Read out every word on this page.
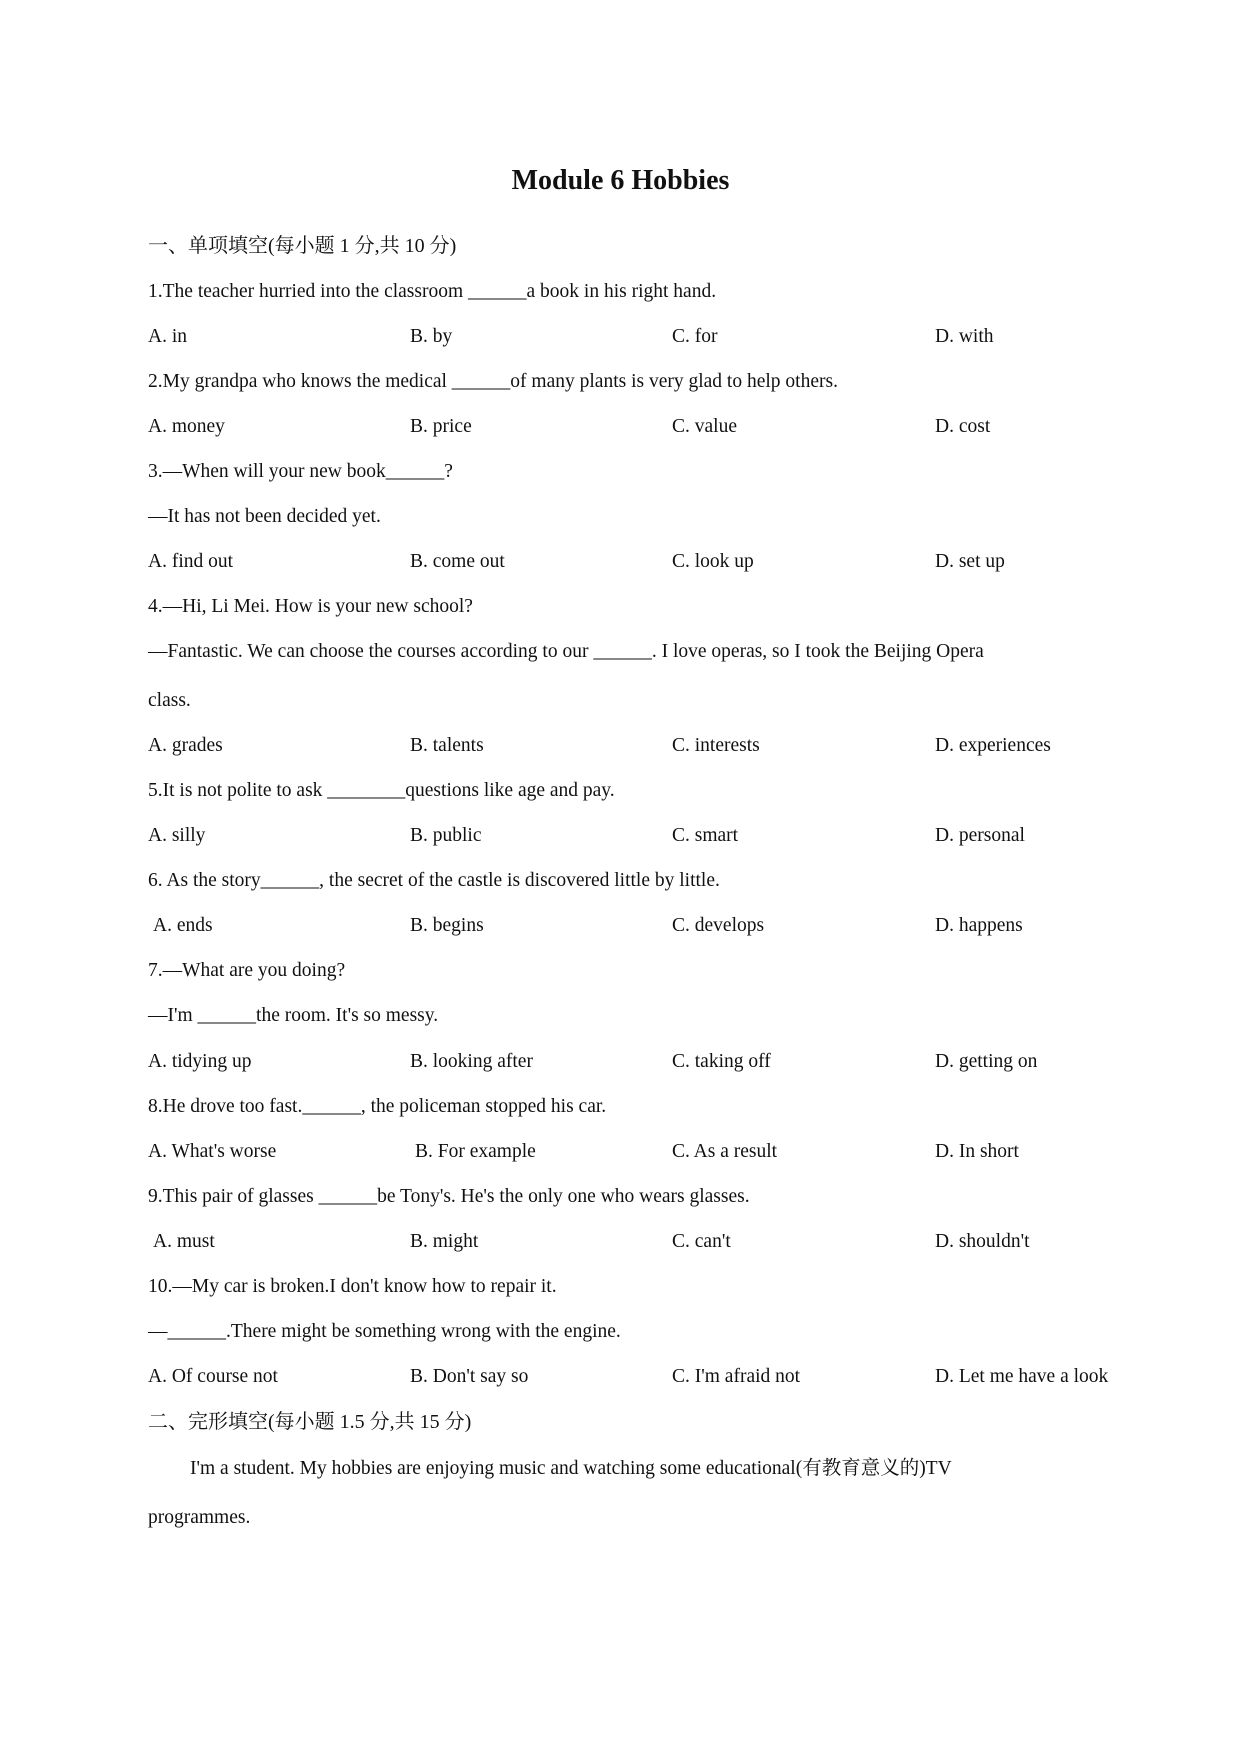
Module 6 Hobbies
一、单项填空(每小题 1 分,共 10 分)
1.The teacher hurried into the classroom ______a book in his right hand.
A. in	B. by	C. for	D. with
2.My grandpa who knows the medical ______of many plants is very glad to help others.
A. money	B. price	C. value	D. cost
3.—When will your new book______?
—It has not been decided yet.
A. find out	B. come out	C. look up	D. set up
4.—Hi, Li Mei. How is your new school?
—Fantastic. We can choose the courses according to our ______. I love operas, so I took the Beijing Opera
class.
A. grades	B. talents	C. interests	D. experiences
5.It is not polite to ask ________questions like age and pay.
A. silly	B. public	C. smart	D. personal
6. As the story______, the secret of the castle is discovered little by little.
A. ends	B. begins	C. develops	D. happens
7.—What are you doing?
—I'm ______the room. It's so messy.
A. tidying up	B. looking after	C. taking off	D. getting on
8.He drove too fast.______, the policeman stopped his car.
A. What's worse	B. For example	C. As a result	D. In short
9.This pair of glasses ______be Tony's. He's the only one who wears glasses.
A. must	B. might	C. can't	D. shouldn't
10.—My car is broken.I don't know how to repair it.
—______.There might be something wrong with the engine.
A. Of course not	B. Don't say so	C. I'm afraid not	D. Let me have a look
二、完形填空(每小题 1.5 分,共 15 分)
I'm a student. My hobbies are enjoying music and watching some educational(有教育意义的)TV
programmes.
